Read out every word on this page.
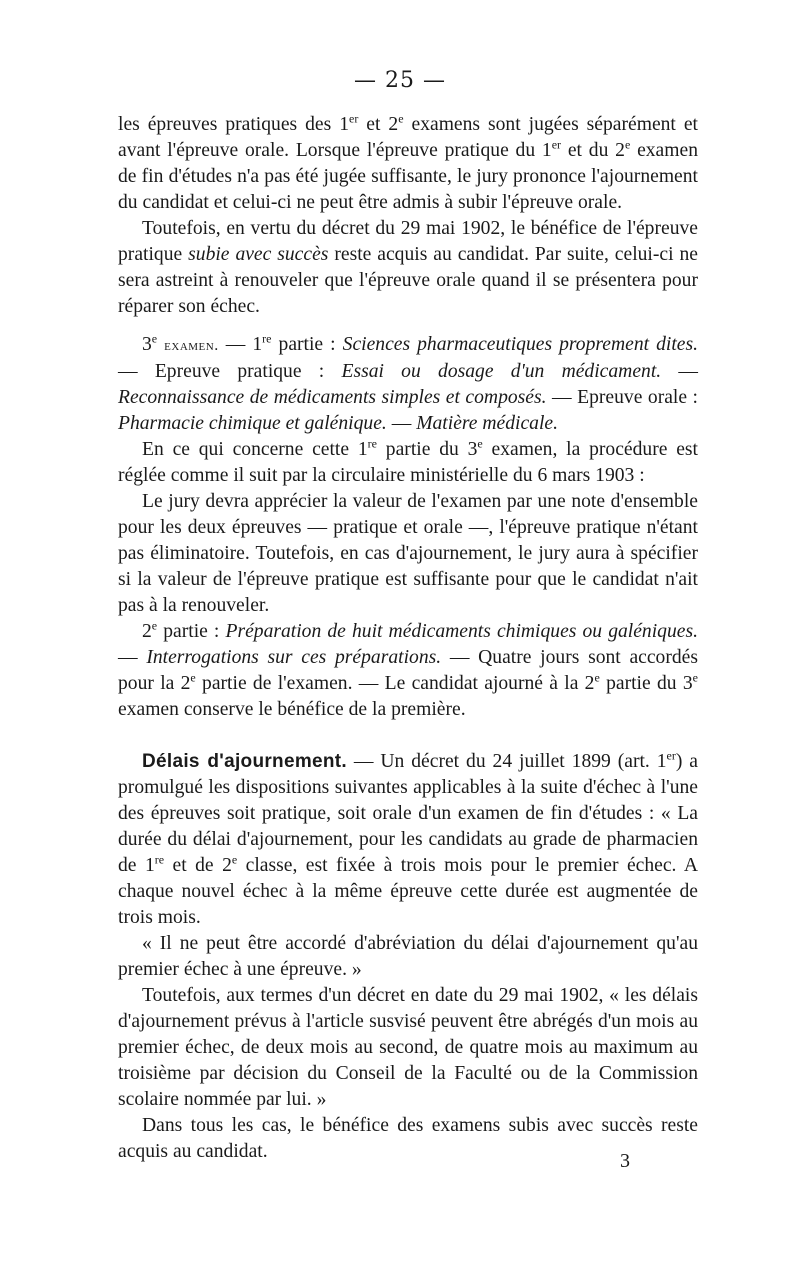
— 25 —

les épreuves pratiques des 1er et 2e examens sont jugées séparément et avant l'épreuve orale. Lorsque l'épreuve pratique du 1er et du 2e examen de fin d'études n'a pas été jugée suffisante, le jury prononce l'ajournement du candidat et celui-ci ne peut être admis à subir l'épreuve orale.

Toutefois, en vertu du décret du 29 mai 1902, le bénéfice de l'épreuve pratique subie avec succès reste acquis au candidat. Par suite, celui-ci ne sera astreint à renouveler que l'épreuve orale quand il se présentera pour réparer son échec.

3e examen. — 1re partie : Sciences pharmaceutiques proprement dites. — Epreuve pratique : Essai ou dosage d'un médicament. — Reconnaissance de médicaments simples et composés. — Epreuve orale : Pharmacie chimique et galénique. — Matière médicale.

En ce qui concerne cette 1re partie du 3e examen, la procédure est réglée comme il suit par la circulaire ministérielle du 6 mars 1903 :

Le jury devra apprécier la valeur de l'examen par une note d'ensemble pour les deux épreuves — pratique et orale —, l'épreuve pratique n'étant pas éliminatoire. Toutefois, en cas d'ajournement, le jury aura à spécifier si la valeur de l'épreuve pratique est suffisante pour que le candidat n'ait pas à la renouveler.

2e partie : Préparation de huit médicaments chimiques ou galéniques. — Interrogations sur ces préparations. — Quatre jours sont accordés pour la 2e partie de l'examen. — Le candidat ajourné à la 2e partie du 3e examen conserve le bénéfice de la première.

Délais d'ajournement. — Un décret du 24 juillet 1899 (art. 1er) a promulgué les dispositions suivantes applicables à la suite d'échec à l'une des épreuves soit pratique, soit orale d'un examen de fin d'études : « La durée du délai d'ajournement, pour les candidats au grade de pharmacien de 1re et de 2e classe, est fixée à trois mois pour le premier échec. A chaque nouvel échec à la même épreuve cette durée est augmentée de trois mois.

« Il ne peut être accordé d'abréviation du délai d'ajournement qu'au premier échec à une épreuve. »

Toutefois, aux termes d'un décret en date du 29 mai 1902, « les délais d'ajournement prévus à l'article susvisé peuvent être abrégés d'un mois au premier échec, de deux mois au second, de quatre mois au maximum au troisième par décision du Conseil de la Faculté ou de la Commission scolaire nommée par lui. »

Dans tous les cas, le bénéfice des examens subis avec succès reste acquis au candidat.	3
